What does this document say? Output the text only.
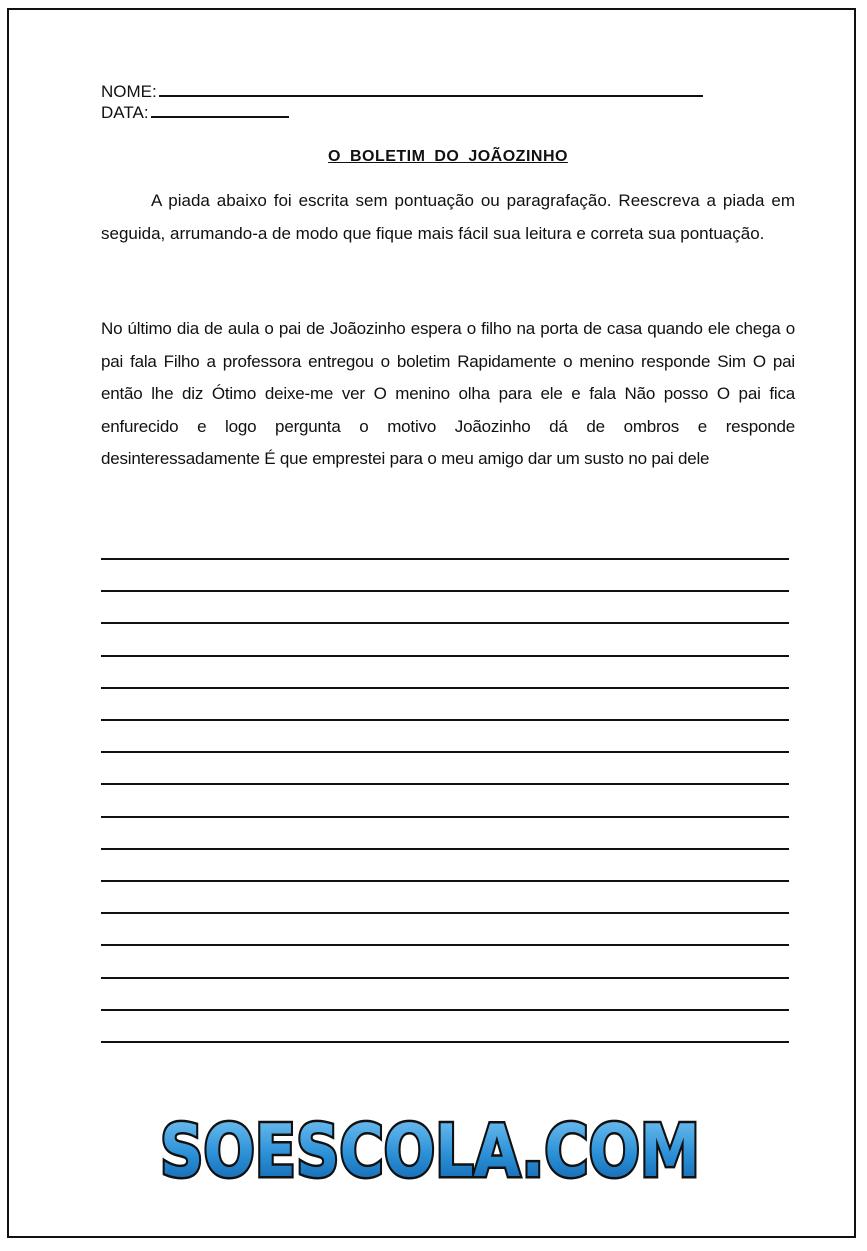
NOME:
DATA:
O BOLETIM DO JOÃOZINHO

A piada abaixo foi escrita sem pontuação ou paragrafação. Reescreva a piada em seguida, arrumando-a de modo que fique mais fácil sua leitura e correta sua pontuação.

No último dia de aula o pai de Joãozinho espera o filho na porta de casa quando ele chega o pai fala Filho a professora entregou o boletim Rapidamente o menino responde Sim O pai então lhe diz Ótimo deixe-me ver O menino olha para ele e fala Não posso O pai fica enfurecido e logo pergunta o motivo Joãozinho dá de ombros e responde desinteressadamente É que emprestei para o meu amigo dar um susto no pai dele

SOESCOLA.COM
